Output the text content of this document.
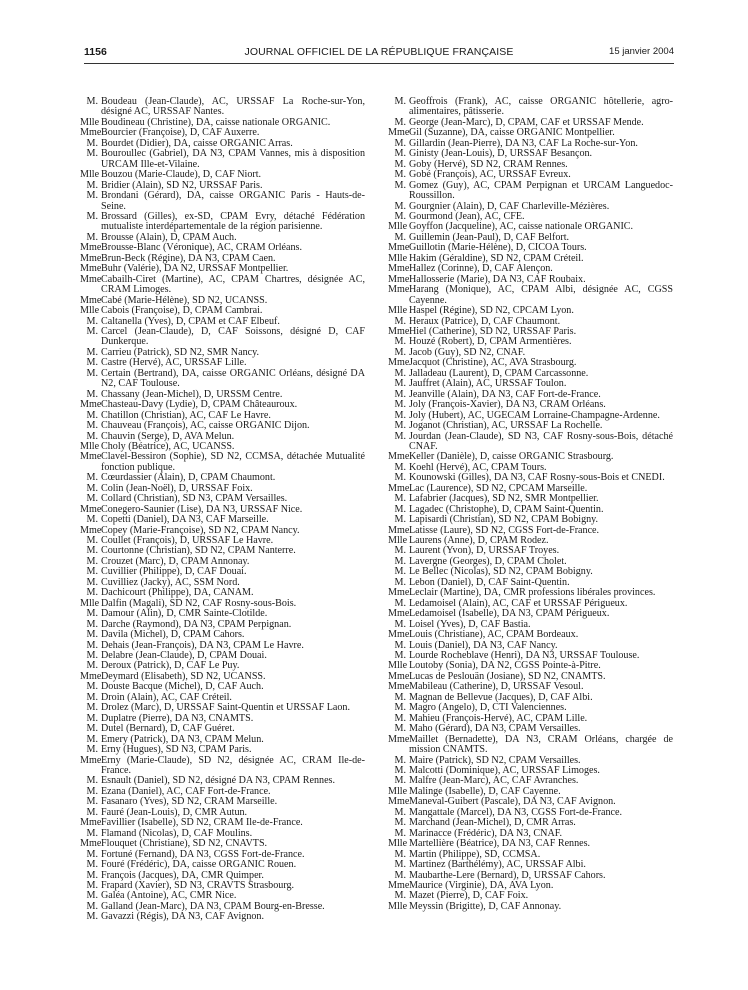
1156	JOURNAL OFFICIEL DE LA RÉPUBLIQUE FRANÇAISE	15 janvier 2004
M. Boudeau (Jean-Claude), AC, URSSAF La Roche-sur-Yon, désigné AC, URSSAF Nantes.
Mlle Boudineau (Christine), DA, caisse nationale ORGANIC.
MmeBourcier (Françoise), D, CAF Auxerre.
M. Bourdet (Didier), DA, caisse ORGANIC Arras.
M. Bouroullec (Gabriel), DA N3, CPAM Vannes, mis à disposition URCAM Ille-et-Vilaine.
Mlle Bouzou (Marie-Claude), D, CAF Niort.
M. Bridier (Alain), SD N2, URSSAF Paris.
M. Brondani (Gérard), DA, caisse ORGANIC Paris - Hauts-de-Seine.
M. Brossard (Gilles), ex-SD, CPAM Evry, détaché Fédération mutualiste interdépartementale de la région parisienne.
M. Brousse (Alain), D, CPAM Auch.
MmeBrousse-Blanc (Véronique), AC, CRAM Orléans.
MmeBrun-Beck (Régine), DA N3, CPAM Caen.
MmeBuhr (Valérie), DA N2, URSSAF Montpellier.
MmeCabailh-Ciret (Martine), AC, CPAM Chartres, désignée AC, CRAM Limoges.
MmeCabé (Marie-Hélène), SD N2, UCANSS.
Mlle Cabois (Françoise), D, CPAM Cambrai.
M. Caltanella (Yves), D, CPAM et CAF Elbeuf.
M. Carcel (Jean-Claude), D, CAF Soissons, désigné D, CAF Dunkerque.
M. Carrieu (Patrick), SD N2, SMR Nancy.
M. Castre (Hervé), AC, URSSAF Lille.
M. Certain (Bertrand), DA, caisse ORGANIC Orléans, désigné DA N2, CAF Toulouse.
M. Chassany (Jean-Michel), D, URSSM Centre.
MmeChasteau-Davy (Lydie), D, CPAM Châteauroux.
M. Chatillon (Christian), AC, CAF Le Havre.
M. Chauveau (François), AC, caisse ORGANIC Dijon.
M. Chauvin (Serge), D, AVA Melun.
Mlle Choly (Béatrice), AC, UCANSS.
MmeClavel-Bessiron (Sophie), SD N2, CCMSA, détachée Mutualité fonction publique.
M. Cœurdassier (Alain), D, CPAM Chaumont.
M. Colin (Jean-Noël), D, URSSAF Foix.
M. Collard (Christian), SD N3, CPAM Versailles.
MmeConegero-Saunier (Lise), DA N3, URSSAF Nice.
M. Copetti (Daniel), DA N3, CAF Marseille.
MmeCopey (Marie-Françoise), SD N2, CPAM Nancy.
M. Coullet (François), D, URSSAF Le Havre.
M. Courtonne (Christian), SD N2, CPAM Nanterre.
M. Crouzet (Marc), D, CPAM Annonay.
M. Cuvillier (Philippe), D, CAF Douai.
M. Cuvilliez (Jacky), AC, SSM Nord.
M. Dachicourt (Philippe), DA, CANAM.
Mlle Dalfin (Magali), SD N2, CAF Rosny-sous-Bois.
M. Damour (Alin), D, CMR Sainte-Clotilde.
M. Darche (Raymond), DA N3, CPAM Perpignan.
M. Davila (Michel), D, CPAM Cahors.
M. Dehais (Jean-François), DA N3, CPAM Le Havre.
M. Delabre (Jean-Claude), D, CPAM Douai.
M. Deroux (Patrick), D, CAF Le Puy.
MmeDeymard (Elisabeth), SD N2, UCANSS.
M. Douste Bacque (Michel), D, CAF Auch.
M. Droin (Alain), AC, CAF Créteil.
M. Drolez (Marc), D, URSSAF Saint-Quentin et URSSAF Laon.
M. Duplatre (Pierre), DA N3, CNAMTS.
M. Dutel (Bernard), D, CAF Guéret.
M. Emery (Patrick), DA N3, CPAM Melun.
M. Erny (Hugues), SD N3, CPAM Paris.
MmeErny (Marie-Claude), SD N2, désignée AC, CRAM Ile-de-France.
M. Esnault (Daniel), SD N2, désigné DA N3, CPAM Rennes.
M. Ezana (Daniel), AC, CAF Fort-de-France.
M. Fasanaro (Yves), SD N2, CRAM Marseille.
M. Fauré (Jean-Louis), D, CMR Autun.
MmeFavillier (Isabelle), SD N2, CRAM Ile-de-France.
M. Flamand (Nicolas), D, CAF Moulins.
MmeFlouquet (Christiane), SD N2, CNAVTS.
M. Fortuné (Fernand), DA N3, CGSS Fort-de-France.
M. Fouré (Frédéric), DA, caisse ORGANIC Rouen.
M. François (Jacques), DA, CMR Quimper.
M. Frapard (Xavier), SD N3, CRAVTS Strasbourg.
M. Galéa (Antoine), AC, CMR Nice.
M. Galland (Jean-Marc), DA N3, CPAM Bourg-en-Bresse.
M. Gavazzi (Régis), DA N3, CAF Avignon.
M. Geoffrois (Frank), AC, caisse ORGANIC hôtellerie, agro-alimentaires, pâtisserie.
M. George (Jean-Marc), D, CPAM, CAF et URSSAF Mende.
MmeGil (Suzanne), DA, caisse ORGANIC Montpellier.
M. Gillardin (Jean-Pierre), DA N3, CAF La Roche-sur-Yon.
M. Ginisty (Jean-Louis), D, URSSAF Besançon.
M. Goby (Hervé), SD N2, CRAM Rennes.
M. Gobé (François), AC, URSSAF Evreux.
M. Gomez (Guy), AC, CPAM Perpignan et URCAM Languedoc-Roussillon.
M. Gourgnier (Alain), D, CAF Charleville-Mézières.
M. Gourmond (Jean), AC, CFE.
Mlle Goyffon (Jacqueline), AC, caisse nationale ORGANIC.
M. Guillemin (Jean-Paul), D, CAF Belfort.
MmeGuillotin (Marie-Hélène), D, CICOA Tours.
Mlle Hakim (Géraldine), SD N2, CPAM Créteil.
MmeHallez (Corinne), D, CAF Alençon.
MmeHallosserie (Marie), DA N3, CAF Roubaix.
MmeHarang (Monique), AC, CPAM Albi, désignée AC, CGSS Cayenne.
Mlle Haspel (Régine), SD N2, CPCAM Lyon.
M. Heraux (Patrice), D, CAF Chaumont.
MmeHiel (Catherine), SD N2, URSSAF Paris.
M. Houzé (Robert), D, CPAM Armentières.
M. Jacob (Guy), SD N2, CNAF.
MmeJacquot (Christine), AC, AVA Strasbourg.
M. Jalladeau (Laurent), D, CPAM Carcassonne.
M. Jauffret (Alain), AC, URSSAF Toulon.
M. Jeanville (Alain), DA N3, CAF Fort-de-France.
M. Joly (François-Xavier), DA N3, CRAM Orléans.
M. Joly (Hubert), AC, UGECAM Lorraine-Champagne-Ardenne.
M. Joganot (Christian), AC, URSSAF La Rochelle.
M. Jourdan (Jean-Claude), SD N3, CAF Rosny-sous-Bois, détaché CNAF.
MmeKeller (Danièle), D, caisse ORGANIC Strasbourg.
M. Koehl (Hervé), AC, CPAM Tours.
M. Kounowski (Gilles), DA N3, CAF Rosny-sous-Bois et CNEDI.
MmeLac (Laurence), SD N2, CPCAM Marseille.
M. Lafabrier (Jacques), SD N2, SMR Montpellier.
M. Lagadec (Christophe), D, CPAM Saint-Quentin.
M. Lapisardi (Christian), SD N2, CPAM Bobigny.
MmeLatisse (Laure), SD N2, CGSS Fort-de-France.
Mlle Laurens (Anne), D, CPAM Rodez.
M. Laurent (Yvon), D, URSSAF Troyes.
M. Lavergne (Georges), D, CPAM Cholet.
M. Le Bellec (Nicolas), SD N2, CPAM Bobigny.
M. Lebon (Daniel), D, CAF Saint-Quentin.
MmeLeclair (Martine), DA, CMR professions libérales provinces.
M. Ledamoisel (Alain), AC, CAF et URSSAF Périgueux.
MmeLedamoisel (Isabelle), DA N3, CPAM Périgueux.
M. Loisel (Yves), D, CAF Bastia.
MmeLouis (Christiane), AC, CPAM Bordeaux.
M. Louis (Daniel), DA N3, CAF Nancy.
M. Lourde Rocheblave (Henri), DA N3, URSSAF Toulouse.
Mlle Loutoby (Sonia), DA N2, CGSS Pointe-à-Pitre.
MmeLucas de Peslouän (Josiane), SD N2, CNAMTS.
MmeMabileau (Catherine), D, URSSAF Vesoul.
M. Magnan de Bellevue (Jacques), D, CAF Albi.
M. Magro (Angelo), D, CTI Valenciennes.
M. Mahieu (François-Hervé), AC, CPAM Lille.
M. Maho (Gérard), DA N3, CPAM Versailles.
MmeMaillet (Bernadette), DA N3, CRAM Orléans, chargée de mission CNAMTS.
M. Maire (Patrick), SD N2, CPAM Versailles.
M. Malcotti (Dominique), AC, URSSAF Limoges.
M. Malfre (Jean-Marc), AC, CAF Avranches.
Mlle Malinge (Isabelle), D, CAF Cayenne.
MmeManeval-Guibert (Pascale), DA N3, CAF Avignon.
M. Mangattale (Marcel), DA N3, CGSS Fort-de-France.
M. Marchand (Jean-Michel), D, CMR Arras.
M. Marinacce (Frédéric), DA N3, CNAF.
Mlle Martellière (Béatrice), DA N3, CAF Rennes.
M. Martin (Philippe), SD, CCMSA.
M. Martinez (Barthélémy), AC, URSSAF Albi.
M. Maubarthe-Lere (Bernard), D, URSSAF Cahors.
MmeMaurice (Virginie), DA, AVA Lyon.
M. Mazet (Pierre), D, CAF Foix.
Mlle Meyssin (Brigitte), D, CAF Annonay.
